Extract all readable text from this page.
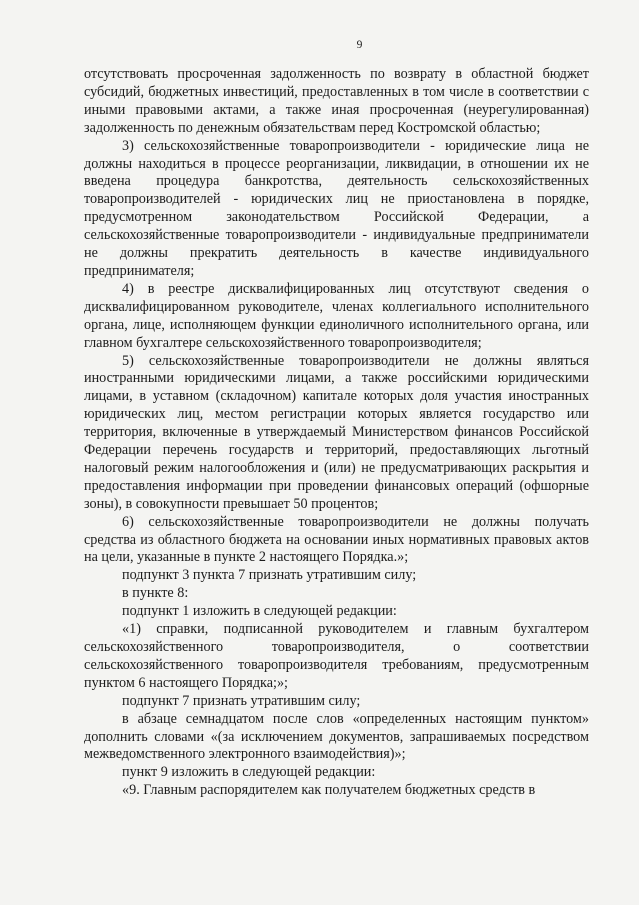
9

отсутствовать просроченная задолженность по возврату в областной бюджет субсидий, бюджетных инвестиций, предоставленных в том числе в соответствии с иными правовыми актами, а также иная просроченная (неурегулированная) задолженность по денежным обязательствам перед Костромской областью;

3) сельскохозяйственные товаропроизводители - юридические лица не должны находиться в процессе реорганизации, ликвидации, в отношении их не введена процедура банкротства, деятельность сельскохозяйственных товаропроизводителей - юридических лиц не приостановлена в порядке, предусмотренном законодательством Российской Федерации, а сельскохозяйственные товаропроизводители - индивидуальные предприниматели не должны прекратить деятельность в качестве индивидуального предпринимателя;

4) в реестре дисквалифицированных лиц отсутствуют сведения о дисквалифицированном руководителе, членах коллегиального исполнительного органа, лице, исполняющем функции единоличного исполнительного органа, или главном бухгалтере сельскохозяйственного товаропроизводителя;

5) сельскохозяйственные товаропроизводители не должны являться иностранными юридическими лицами, а также российскими юридическими лицами, в уставном (складочном) капитале которых доля участия иностранных юридических лиц, местом регистрации которых является государство или территория, включенные в утверждаемый Министерством финансов Российской Федерации перечень государств и территорий, предоставляющих льготный налоговый режим налогообложения и (или) не предусматривающих раскрытия и предоставления информации при проведении финансовых операций (офшорные зоны), в совокупности превышает 50 процентов;

6) сельскохозяйственные товаропроизводители не должны получать средства из областного бюджета на основании иных нормативных правовых актов на цели, указанные в пункте 2 настоящего Порядка.»;

подпункт 3 пункта 7 признать утратившим силу;

в пункте 8:

подпункт 1 изложить в следующей редакции:

«1) справки, подписанной руководителем и главным бухгалтером сельскохозяйственного товаропроизводителя, о соответствии сельскохозяйственного товаропроизводителя требованиям, предусмотренным пунктом 6 настоящего Порядка;»;

подпункт 7 признать утратившим силу;

в абзаце семнадцатом после слов «определенных настоящим пунктом» дополнить словами «(за исключением документов, запрашиваемых посредством межведомственного электронного взаимодействия)»;

пункт 9 изложить в следующей редакции:

«9. Главным распорядителем как получателем бюджетных средств в
